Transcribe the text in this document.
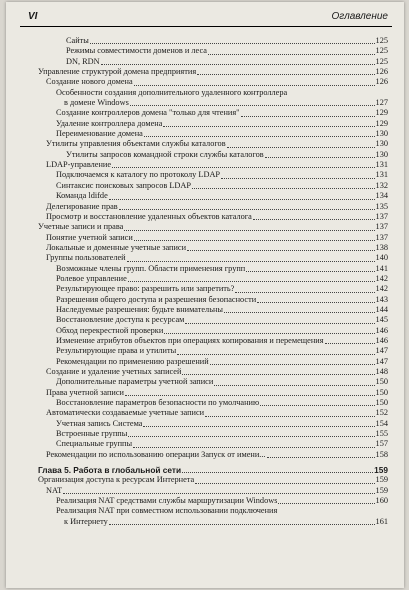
VI	Оглавление
Сайты	125
Режимы совместимости доменов и леса	125
DN, RDN	125
Управление структурой домена предприятия	126
Создание нового домена	126
Особенности создания дополнительного удаленного контроллера
в домене Windows	127
Создание контроллеров домена "только для чтения"	129
Удаление контроллера домена	129
Переименование домена	130
Утилиты управления объектами службы каталогов	130
Утилиты запросов командной строки службы каталогов	130
LDAP-управление	131
Подключаемся к каталогу по протоколу LDAP	131
Синтаксис поисковых запросов LDAP	132
Команда ldifde	134
Делегирование прав	135
Просмотр и восстановление удаленных объектов каталога	137
Учетные записи и права	137
Понятие учетной записи	137
Локальные и доменные учетные записи	138
Группы пользователей	140
Возможные члены групп. Области применения групп	141
Ролевое управление	142
Результирующее право: разрешить или запретить?	142
Разрешения общего доступа и разрешения безопасности	143
Наследуемые разрешения: будьте внимательны	144
Восстановление доступа к ресурсам	145
Обход перекрестной проверки	146
Изменение атрибутов объектов при операциях копирования и перемещения	146
Результирующие права и утилиты	147
Рекомендации по применению разрешений	147
Создание и удаление учетных записей	148
Дополнительные параметры учетной записи	150
Права учетной записи	150
Восстановление параметров безопасности по умолчанию	150
Автоматически создаваемые учетные записи	152
Учетная запись Система	154
Встроенные группы	155
Специальные группы	157
Рекомендации по использованию операции Запуск от имени...	158
Глава 5. Работа в глобальной сети	159
Организация доступа к ресурсам Интернета	159
NAT	159
Реализация NAT средствами службы маршрутизации Windows	160
Реализация NAT при совместном использовании подключения
к Интернету	161
